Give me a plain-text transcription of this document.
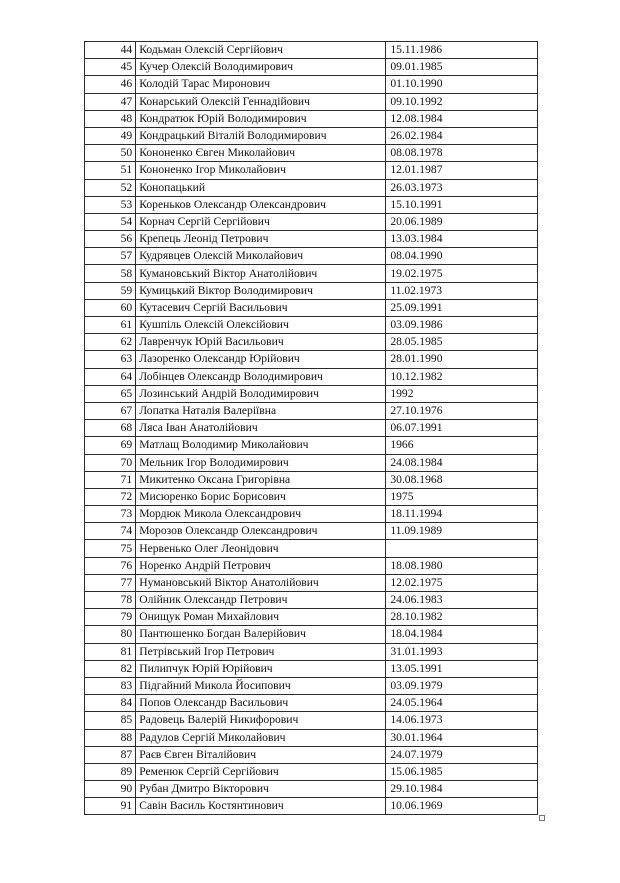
44	Кодьман Олексій Сергійович	15.11.1986
45	Кучер Олексій Володимирович	09.01.1985
46	Колодій Тарас Миронович	01.10.1990
47	Конарський Олексій Геннадійович	09.10.1992
48	Кондратюк Юрій Володимирович	12.08.1984
49	Кондрацький Віталій Володимирович	26.02.1984
50	Кононенко Євген Миколайович	08.08.1978
51	Кононенко Ігор Миколайович	12.01.1987
52	Конопацький	26.03.1973
53	Кореньков Олександр Олександрович	15.10.1991
54	Корнач Сергій Сергійович	20.06.1989
56	Крепець Леонід Петрович	13.03.1984
57	Кудрявцев Олексій Миколайович	08.04.1990
58	Кумановський Віктор Анатолійович	19.02.1975
59	Кумицький Віктор Володимирович	11.02.1973
60	Кутасевич Сергій Васильович	25.09.1991
61	Кушпіль Олексій Олексійович	03.09.1986
62	Лавренчук Юрій Васильович	28.05.1985
63	Лазоренко Олександр Юрійович	28.01.1990
64	Лобінцев Олександр Володимирович	10.12.1982
65	Лозинський Андрій Володимирович	1992
67	Лопатка Наталія Валеріївна	27.10.1976
68	Ляса Іван Анатолійович	06.07.1991
69	Матлащ Володимир Миколайович	1966
70	Мельник Ігор Володимирович	24.08.1984
71	Микитенко Оксана Григорівна	30.08.1968
72	Мисюренко Борис Борисович	1975
73	Мордюк Микола Олександрович	18.11.1994
74	Морозов Олександр Олександрович	11.09.1989
75	Нервенько Олег Леонідович	
76	Норенко Андрій Петрович	18.08.1980
77	Нумановський Віктор Анатолійович	12.02.1975
78	Олійник Олександр Петрович	24.06.1983
79	Онищук Роман Михайлович	28.10.1982
80	Пантюшенко Богдан Валерійович	18.04.1984
81	Петрівський Ігор Петрович	31.01.1993
82	Пилипчук Юрій Юрійович	13.05.1991
83	Підгайний Микола Йосипович	03.09.1979
84	Попов Олександр Васильович	24.05.1964
85	Радовець Валерій Никифорович	14.06.1973
88	Радулов Сергій Миколайович	30.01.1964
87	Раєв Євген Віталійович	24.07.1979
89	Ременюк Сергій Сергійович	15.06.1985
90	Рубан Дмитро Вікторович	29.10.1984
91	Савін Василь Костянтинович	10.06.1969
